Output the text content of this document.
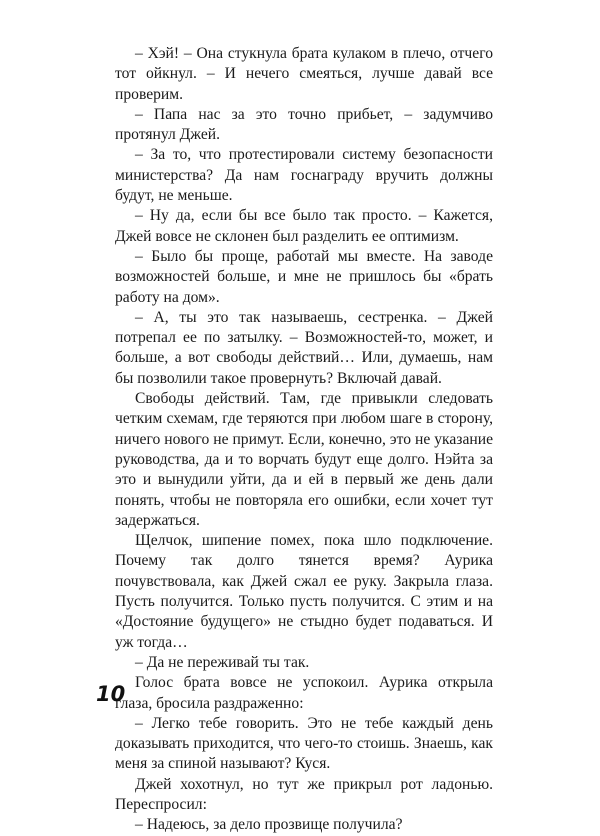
– Хэй! – Она стукнула брата кулаком в плечо, отчего тот ойкнул. – И нечего смеяться, лучше давай все проверим.

– Папа нас за это точно прибьет, – задумчиво протянул Джей.

– За то, что протестировали систему безопасности министерства? Да нам госнаграду вручить должны будут, не меньше.

– Ну да, если бы все было так просто. – Кажется, Джей вовсе не склонен был разделить ее оптимизм.

– Было бы проще, работай мы вместе. На заводе возможностей больше, и мне не пришлось бы «брать работу на дом».

– А, ты это так называешь, сестренка. – Джей потрепал ее по затылку. – Возможностей-то, может, и больше, а вот свободы действий… Или, думаешь, нам бы позволили такое провернуть? Включай давай.

Свободы действий. Там, где привыкли следовать четким схемам, где теряются при любом шаге в сторону, ничего нового не примут. Если, конечно, это не указание руководства, да и то ворчать будут еще долго. Нэйта за это и вынудили уйти, да и ей в первый же день дали понять, чтобы не повторяла его ошибки, если хочет тут задержаться.

Щелчок, шипение помех, пока шло подключение. Почему так долго тянется время? Аурика почувствовала, как Джей сжал ее руку. Закрыла глаза. Пусть получится. Только пусть получится. С этим и на «Достояние будущего» не стыдно будет подаваться. И уж тогда…

– Да не переживай ты так.

Голос брата вовсе не успокоил. Аурика открыла глаза, бросила раздраженно:

– Легко тебе говорить. Это не тебе каждый день доказывать приходится, что чего-то стоишь. Знаешь, как меня за спиной называют? Куся.

Джей хохотнул, но тут же прикрыл рот ладонью. Переспросил:

– Надеюсь, за дело прозвище получила?

10
